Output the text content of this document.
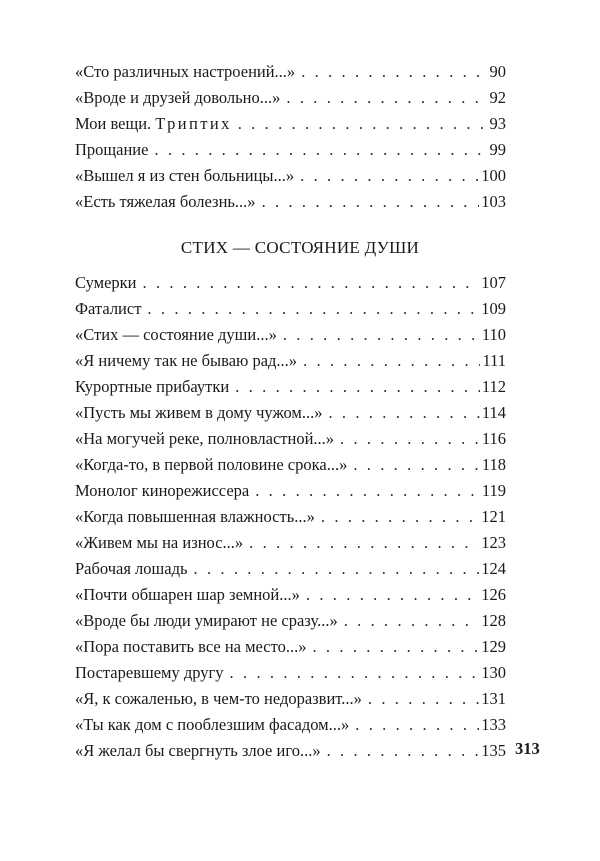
«Сто различных настроений...» . . .	90
«Вроде и друзей довольно...» . . .	92
Мои вещи. Триптих . . .	93
Прощание . . .	99
«Вышел я из стен больницы...» . . .	100
«Есть тяжелая болезнь...» . . .	103
СТИХ — СОСТОЯНИЕ ДУШИ
Сумерки . . .	107
Фаталист . . .	109
«Стих — состояние души...» . . .	110
«Я ничему так не бываю рад...» . . .	111
Курортные прибаутки . . .	112
«Пусть мы живем в дому чужом...» . . .	114
«На могучей реке, полновластной...» . . .	116
«Когда-то, в первой половине срока...» . . .	118
Монолог кинорежиссера . . .	119
«Когда повышенная влажность...» . . .	121
«Живем мы на износ...» . . .	123
Рабочая лошадь . . .	124
«Почти обшарен шар земной...» . . .	126
«Вроде бы люди умирают не сразу...» . . .	128
«Пора поставить все на место...» . . .	129
Постаревшему другу . . .	130
«Я, к сожаленью, в чем-то недоразвит...» . . .	131
«Ты как дом с пооблезшим фасадом...» . . .	133
«Я желал бы свергнуть злое иго...» . . .	135 313
